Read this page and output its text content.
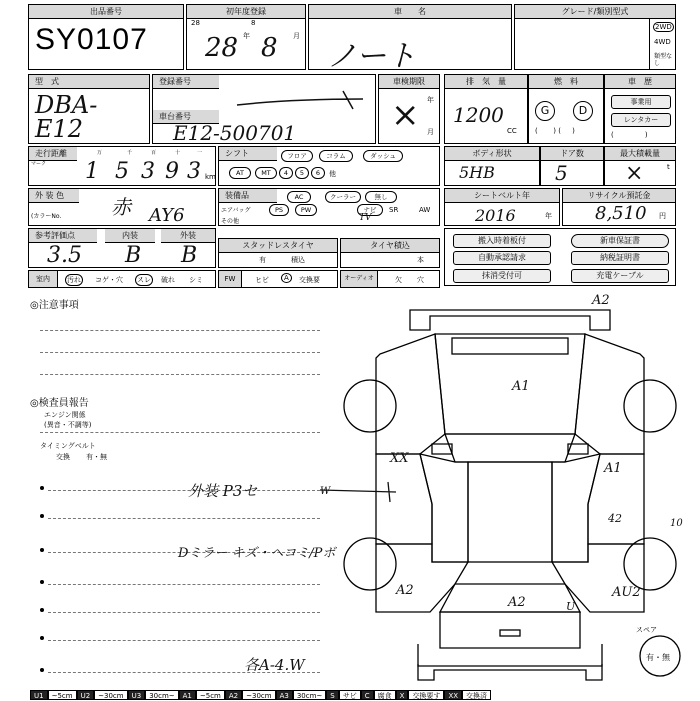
出品番号
SY0107
初年度登録
28	8
28 年 8 月
車　　名
ノート
グレード/類別型式
2WD
4WD
類型なし
型　式
DBA-E12
登録番号
車台番号
E12-500701
車検期限
年
月
×
排　気　量
1200
CC
燃　料
G	D
(       ) (     )
車　歴
事業用
レンタカー
(              )
走行距離
マーク
万	千	百	十	一
1 5 3 9 3 km
シフト	フロア	コラム	ダッシュ
AT	MT	4	5	6	他
ボディ形状
5HB
ドア数
5
最大積載量
×	t
外 装 色
(カラーNo. 赤 AY6
装備品	AC	クーラー	無し
エアバッグ	PS	PW	ナビ	SR	AW
その他	TV
シートベルト年
2016	年
リサイクル預託金
8,510 円
参考評価点	内装	外装
3.5 B B	スタッドレスタイヤ
有	積込
タイヤ積込
本
搬入時着板付	新車保証書
自動承認請求	納税証明書
抹消受付可	充電ケーブル
室内	汚れ コゲ・穴 スレ 破れ シミ	FW	ヒビ	A	交換要	オーディオ	欠 穴
◎注意事項
◎検査員報告
エンジン関係
(異音・不調等)
タイミングベルト
交換 有・無
外装 P3セ
Dミラー キズ・ヘコミ/Pボ
各A-4.W
A2
A1
XX
A1
42
W
A2
A2
AU2
U
10
スペア
有・無
U1	~5cm	U2	~30cm	U3	30cm~	A1	~5cm	A2	~30cm	A3	30cm~	S	サビ	C	腐食	X	交換要す	XX	交換済
